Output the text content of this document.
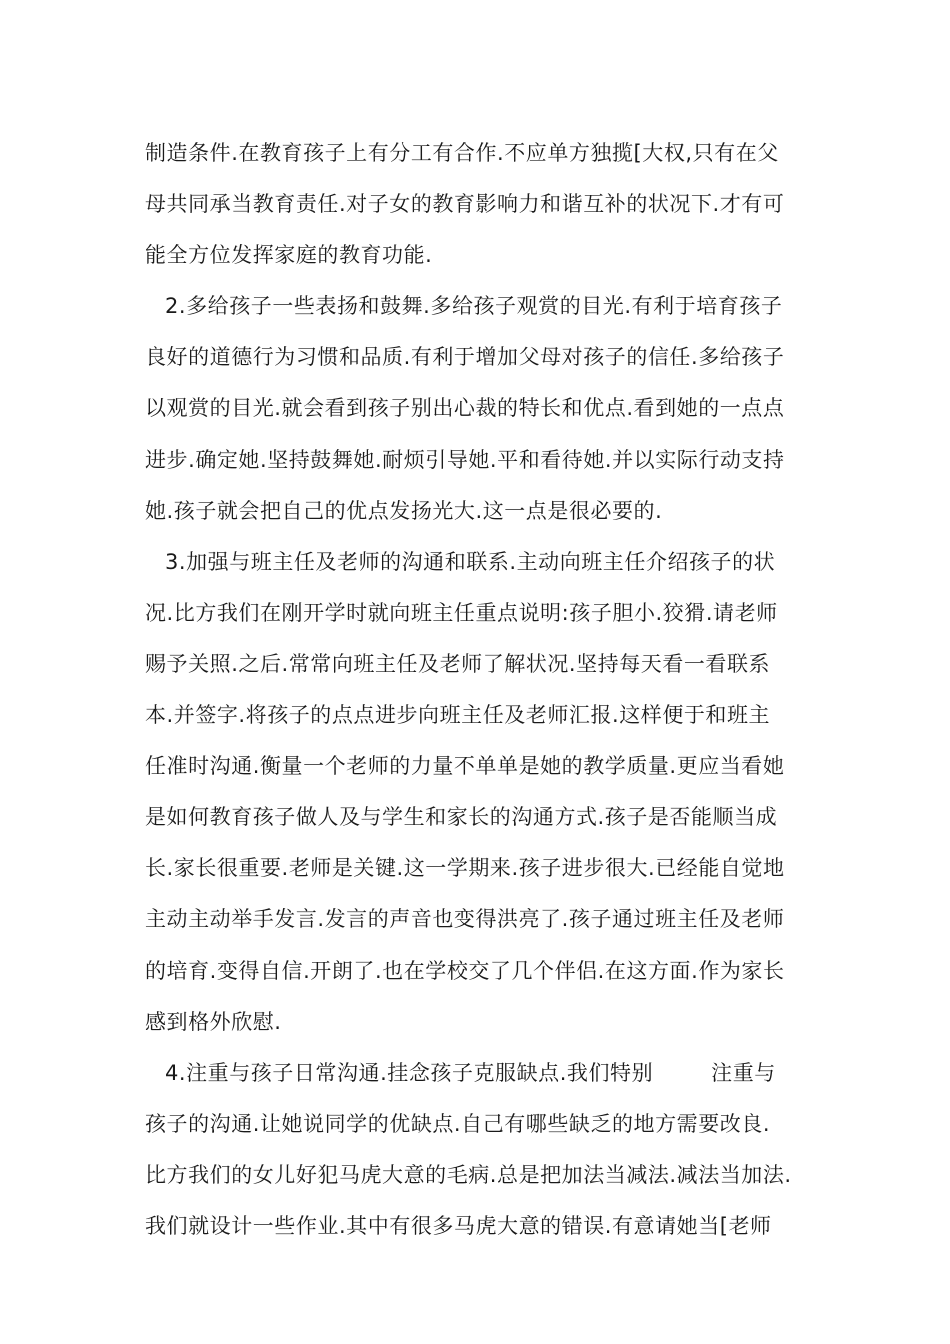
制造条件.在教育孩子上有分工有合作.不应单方独揽[大权,只有在父
母共同承当教育责任.对子女的教育影响力和谐互补的状况下.才有可
能全方位发挥家庭的教育功能.
2.多给孩子一些表扬和鼓舞.多给孩子观赏的目光.有利于培育孩子
良好的道德行为习惯和品质.有利于增加父母对孩子的信任.多给孩子
以观赏的目光.就会看到孩子别出心裁的特长和优点.看到她的一点点
进步.确定她.坚持鼓舞她.耐烦引导她.平和看待她.并以实际行动支持
她.孩子就会把自己的优点发扬光大.这一点是很必要的.
3.加强与班主任及老师的沟通和联系.主动向班主任介绍孩子的状
况.比方我们在刚开学时就向班主任重点说明:孩子胆小.狡猾.请老师
赐予关照.之后.常常向班主任及老师了解状况.坚持每天看一看联系
本.并签字.将孩子的点点进步向班主任及老师汇报.这样便于和班主
任准时沟通.衡量一个老师的力量不单单是她的教学质量.更应当看她
是如何教育孩子做人及与学生和家长的沟通方式.孩子是否能顺当成
长.家长很重要.老师是关键.这一学期来.孩子进步很大.已经能自觉地
主动主动举手发言.发言的声音也变得洪亮了.孩子通过班主任及老师
的培育.变得自信.开朗了.也在学校交了几个伴侣.在这方面.作为家长
感到格外欣慰.
4.注重与孩子日常沟通.挂念孩子克服缺点.我们特别	注重与
孩子的沟通.让她说同学的优缺点.自己有哪些缺乏的地方需要改良.
比方我们的女儿好犯马虎大意的毛病.总是把加法当减法.减法当加法.
我们就设计一些作业.其中有很多马虎大意的错误.有意请她当[老师
